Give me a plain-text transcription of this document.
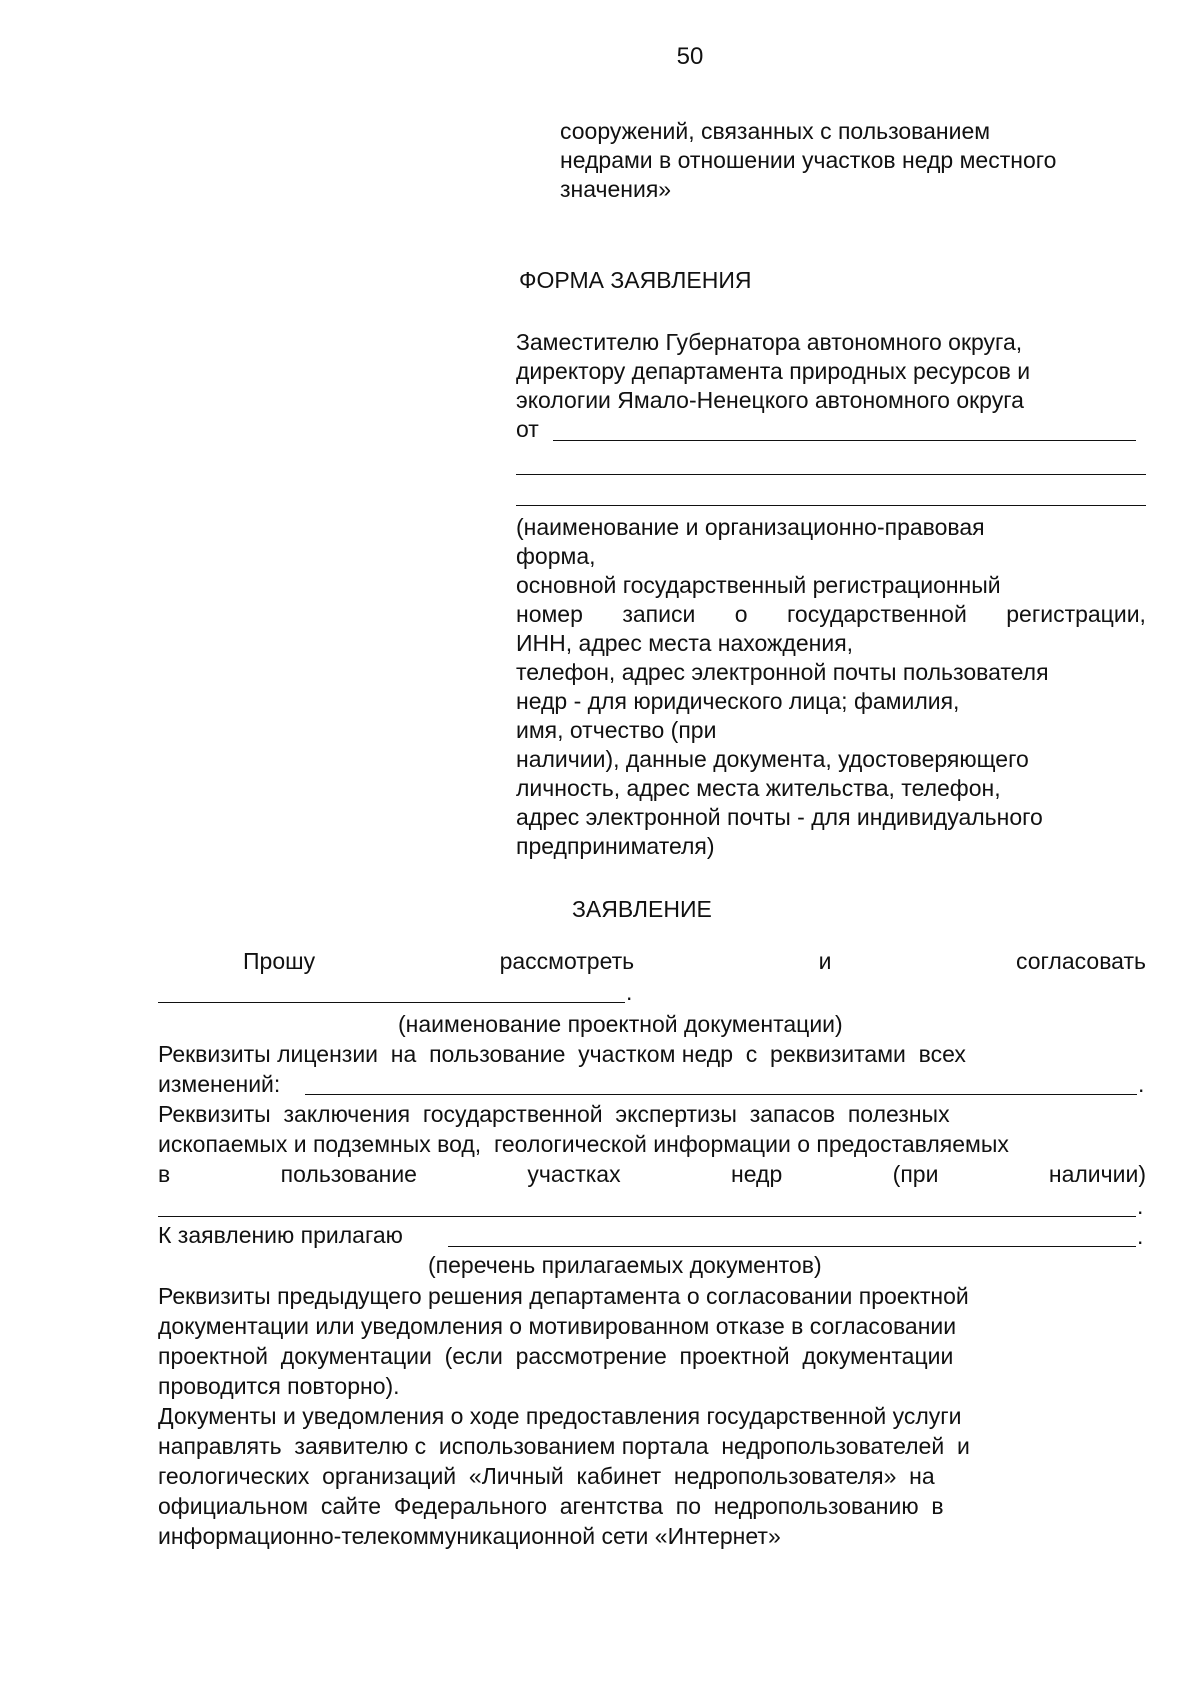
50
сооружений, связанных с пользованием
недрами в отношении участков недр местного
значения»
ФОРМА ЗАЯВЛЕНИЯ
Заместителю Губернатора автономного округа,
директору департамента природных ресурсов и
экологии Ямало-Ненецкого автономного округа
от
(наименование и организационно-правовая
форма,
основной государственный регистрационный
номер записи о государственной регистрации,
ИНН, адрес места нахождения,
телефон, адрес электронной почты пользователя
недр - для юридического лица; фамилия,
имя, отчество (при
наличии), данные документа, удостоверяющего
личность, адрес места жительства, телефон,
адрес электронной почты - для индивидуального
предпринимателя)
ЗАЯВЛЕНИЕ
Прошу	рассмотреть	и	согласовать
.
(наименование проектной документации)
Реквизиты лицензии  на  пользование  участком недр  с  реквизитами  всех
изменений:	.
Реквизиты  заключения  государственной  экспертизы  запасов  полезных
ископаемых и подземных вод,  геологической информации о предоставляемых
в	пользование	участках	недр	(при	наличии)
.
К заявлению прилагаю	.
(перечень прилагаемых документов)
Реквизиты предыдущего решения департамента о согласовании проектной
документации или уведомления о мотивированном отказе в согласовании
проектной  документации  (если  рассмотрение  проектной  документации
проводится повторно).
Документы и уведомления о ходе предоставления государственной услуги
направлять  заявителю с  использованием портала  недропользователей  и
геологических  организаций  «Личный  кабинет  недропользователя»  на
официальном  сайте  Федерального  агентства  по  недропользованию  в
информационно-телекоммуникационной сети «Интернет»
